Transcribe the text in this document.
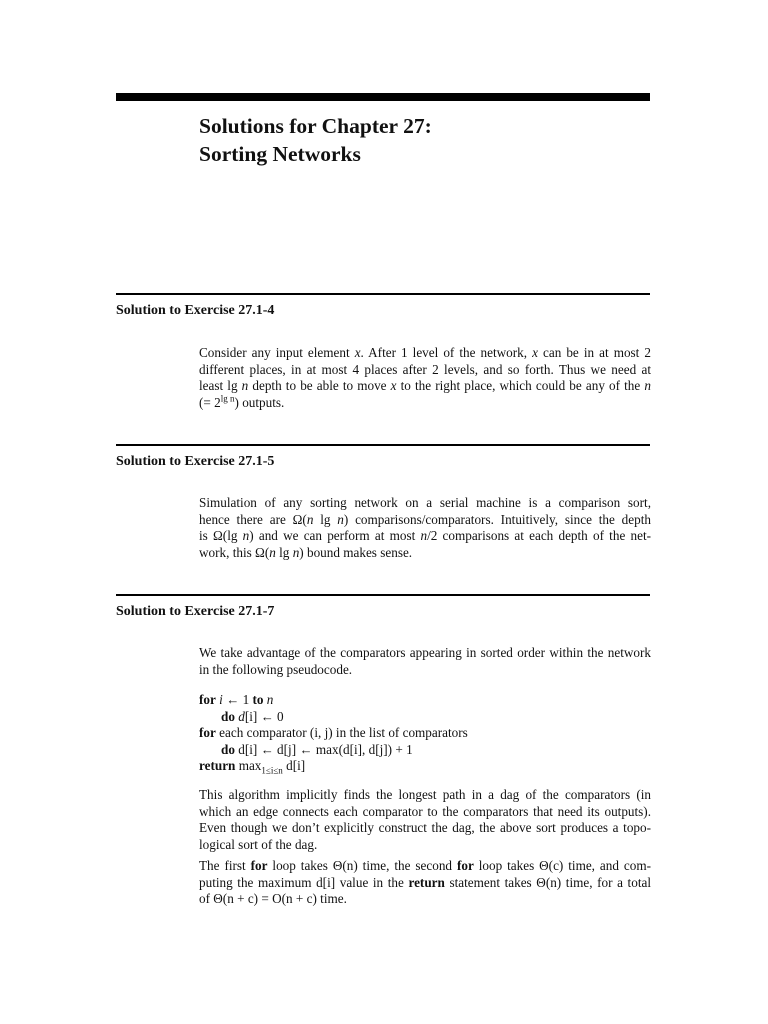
Solutions for Chapter 27:
Sorting Networks
Solution to Exercise 27.1-4
Consider any input element x. After 1 level of the network, x can be in at most 2
different places, in at most 4 places after 2 levels, and so forth. Thus we need at
least lg n depth to be able to move x to the right place, which could be any of the n
(= $2^{lg n}$) outputs.
Solution to Exercise 27.1-5
Simulation of any sorting network on a serial machine is a comparison sort,
hence there are Ω(n lg n) comparisons/comparators. Intuitively, since the depth
is Ω(lg n) and we can perform at most n/2 comparisons at each depth of the net-
work, this Ω(n lg n) bound makes sense.
Solution to Exercise 27.1-7
We take advantage of the comparators appearing in sorted order within the network
in the following pseudocode.
for i ← 1 to n
do d[i] ← 0
for each comparator (i, j) in the list of comparators
do d[i] ← d[j] ← max(d[i], d[j]) + 1
return $\max_{1\le i\le n} d[i]$
This algorithm implicitly finds the longest path in a dag of the comparators (in
which an edge connects each comparator to the comparators that need its outputs).
Even though we don’t explicitly construct the dag, the above sort produces a topo-
logical sort of the dag.
The first for loop takes Θ(n) time, the second for loop takes Θ(c) time, and com-
puting the maximum d[i] value in the return statement takes Θ(n) time, for a total
of Θ(n + c) = O(n + c) time.
